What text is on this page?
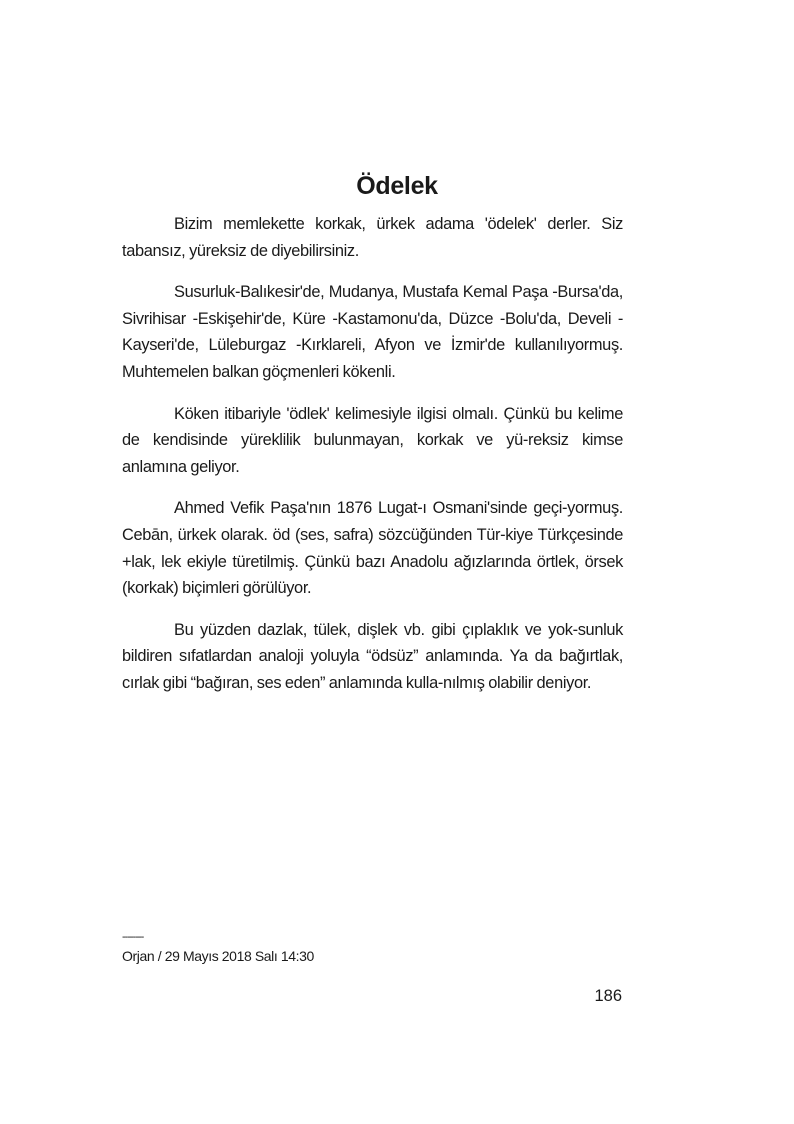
Ödelek

Bizim memlekette korkak, ürkek adama 'ödelek' derler. Siz tabansız, yüreksiz de diyebilirsiniz.

Susurluk-Balıkesir'de, Mudanya, Mustafa Kemal Paşa -Bursa'da, Sivrihisar -Eskişehir'de, Küre -Kastamonu'da, Düzce -Bolu'da, Develi -Kayseri'de, Lüleburgaz -Kırklareli, Afyon ve İzmir'de kullanılıyormuş. Muhtemelen balkan göçmenleri kökenli.

Köken itibariyle 'ödlek' kelimesiyle ilgisi olmalı. Çünkü bu kelime de kendisinde yüreklilik bulunmayan, korkak ve yü-reksiz kimse anlamına geliyor.

Ahmed Vefik Paşa'nın 1876 Lugat-ı Osmani'sinde geçi-yormuş. Cebān, ürkek olarak. öd (ses, safra) sözcüğünden Tür-kiye Türkçesinde +lak, lek ekiyle türetilmiş. Çünkü bazı Anadolu ağızlarında örtlek, örsek (korkak) biçimleri görülüyor.

Bu yüzden dazlak, tülek, dişlek vb. gibi çıplaklık ve yok-sunluk bildiren sıfatlardan analoji yoluyla “ödsüz” anlamında. Ya da bağırtlak, cırlak gibi “bağıran, ses eden” anlamında kulla-nılmış olabilir deniyor.

--------

Orjan / 29 Mayıs 2018 Salı 14:30

186
